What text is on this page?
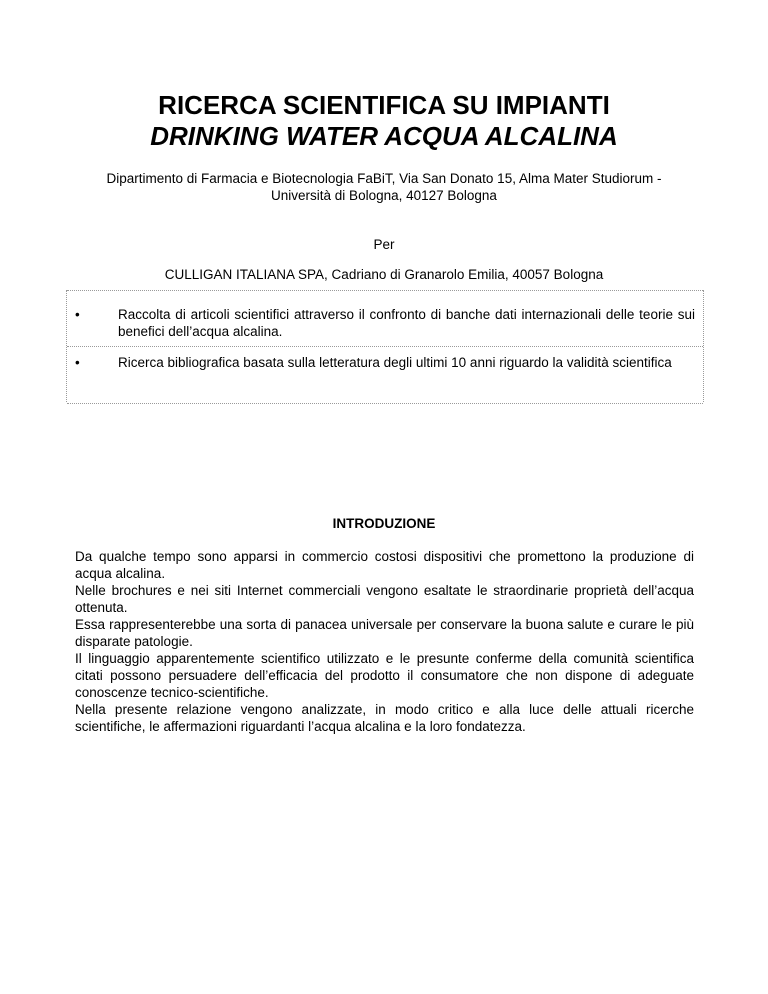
RICERCA SCIENTIFICA SU IMPIANTI
DRINKING WATER ACQUA ALCALINA
Dipartimento di Farmacia e Biotecnologia FaBiT, Via San Donato 15, Alma Mater Studiorum - Università di Bologna, 40127 Bologna
Per
CULLIGAN ITALIANA SPA, Cadriano di Granarolo Emilia, 40057 Bologna
•	Raccolta di articoli scientifici attraverso il confronto di banche dati internazionali delle teorie sui benefici dell’acqua alcalina.
•	Ricerca bibliografica basata sulla letteratura degli ultimi 10 anni riguardo la validità scientifica
INTRODUZIONE

Da qualche tempo sono apparsi in commercio costosi dispositivi che promettono la produzione di acqua alcalina.

Nelle brochures e nei siti Internet commerciali vengono esaltate le straordinarie proprietà dell’acqua ottenuta.

Essa rappresenterebbe una sorta di panacea universale per conservare la buona salute e curare le più disparate patologie.

Il linguaggio apparentemente scientifico utilizzato e le presunte conferme della comunità scientifica citati possono persuadere dell’efficacia del prodotto il consumatore che non dispone di adeguate conoscenze tecnico-scientifiche.

Nella presente relazione vengono analizzate, in modo critico e alla luce delle attuali ricerche scientifiche, le affermazioni riguardanti l’acqua alcalina e la loro fondatezza.
